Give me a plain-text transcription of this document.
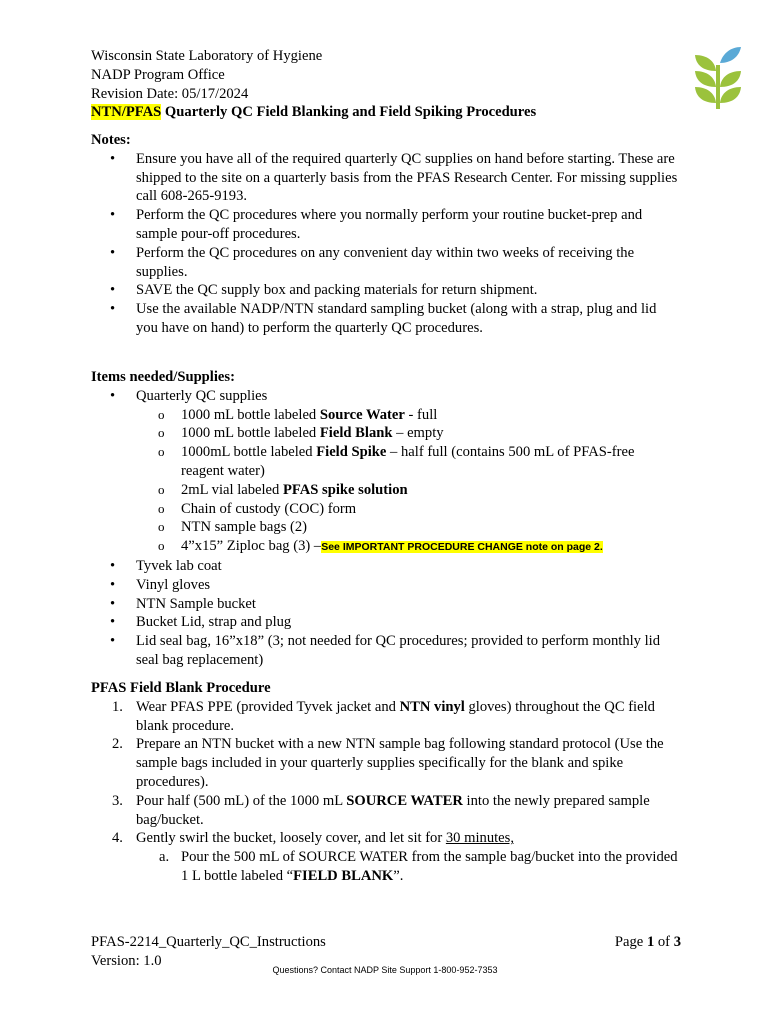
Wisconsin State Laboratory of Hygiene
NADP Program Office
Revision Date: 05/17/2024
NTN/PFAS Quarterly QC Field Blanking and Field Spiking Procedures
Notes:
• Ensure you have all of the required quarterly QC supplies on hand before starting. These are shipped to the site on a quarterly basis from the PFAS Research Center. For missing supplies call 608-265-9193.
• Perform the QC procedures where you normally perform your routine bucket-prep and sample pour-off procedures.
• Perform the QC procedures on any convenient day within two weeks of receiving the supplies.
• SAVE the QC supply box and packing materials for return shipment.
• Use the available NADP/NTN standard sampling bucket (along with a strap, plug and lid you have on hand) to perform the quarterly QC procedures.
Items needed/Supplies:
• Quarterly QC supplies
o 1000 mL bottle labeled Source Water - full
o 1000 mL bottle labeled Field Blank – empty
o 1000mL bottle labeled Field Spike – half full (contains 500 mL of PFAS-free reagent water)
o 2mL vial labeled PFAS spike solution
o Chain of custody (COC) form
o NTN sample bags (2)
o 4”x15” Ziploc bag (3) –See IMPORTANT PROCEDURE CHANGE note on page 2.
• Tyvek lab coat
• Vinyl gloves
• NTN Sample bucket
• Bucket Lid, strap and plug
• Lid seal bag, 16”x18” (3; not needed for QC procedures; provided to perform monthly lid seal bag replacement)
PFAS Field Blank Procedure
1. Wear PFAS PPE (provided Tyvek jacket and NTN vinyl gloves) throughout the QC field blank procedure.
2. Prepare an NTN bucket with a new NTN sample bag following standard protocol (Use the sample bags included in your quarterly supplies specifically for the blank and spike procedures).
3. Pour half (500 mL) of the 1000 mL SOURCE WATER into the newly prepared sample bag/bucket.
4. Gently swirl the bucket, loosely cover, and let sit for 30 minutes,
a. Pour the 500 mL of SOURCE WATER from the sample bag/bucket into the provided 1 L bottle labeled “FIELD BLANK”.
PFAS-2214_Quarterly_QC_Instructions
Version: 1.0
Page 1 of 3
Questions? Contact NADP Site Support 1-800-952-7353
